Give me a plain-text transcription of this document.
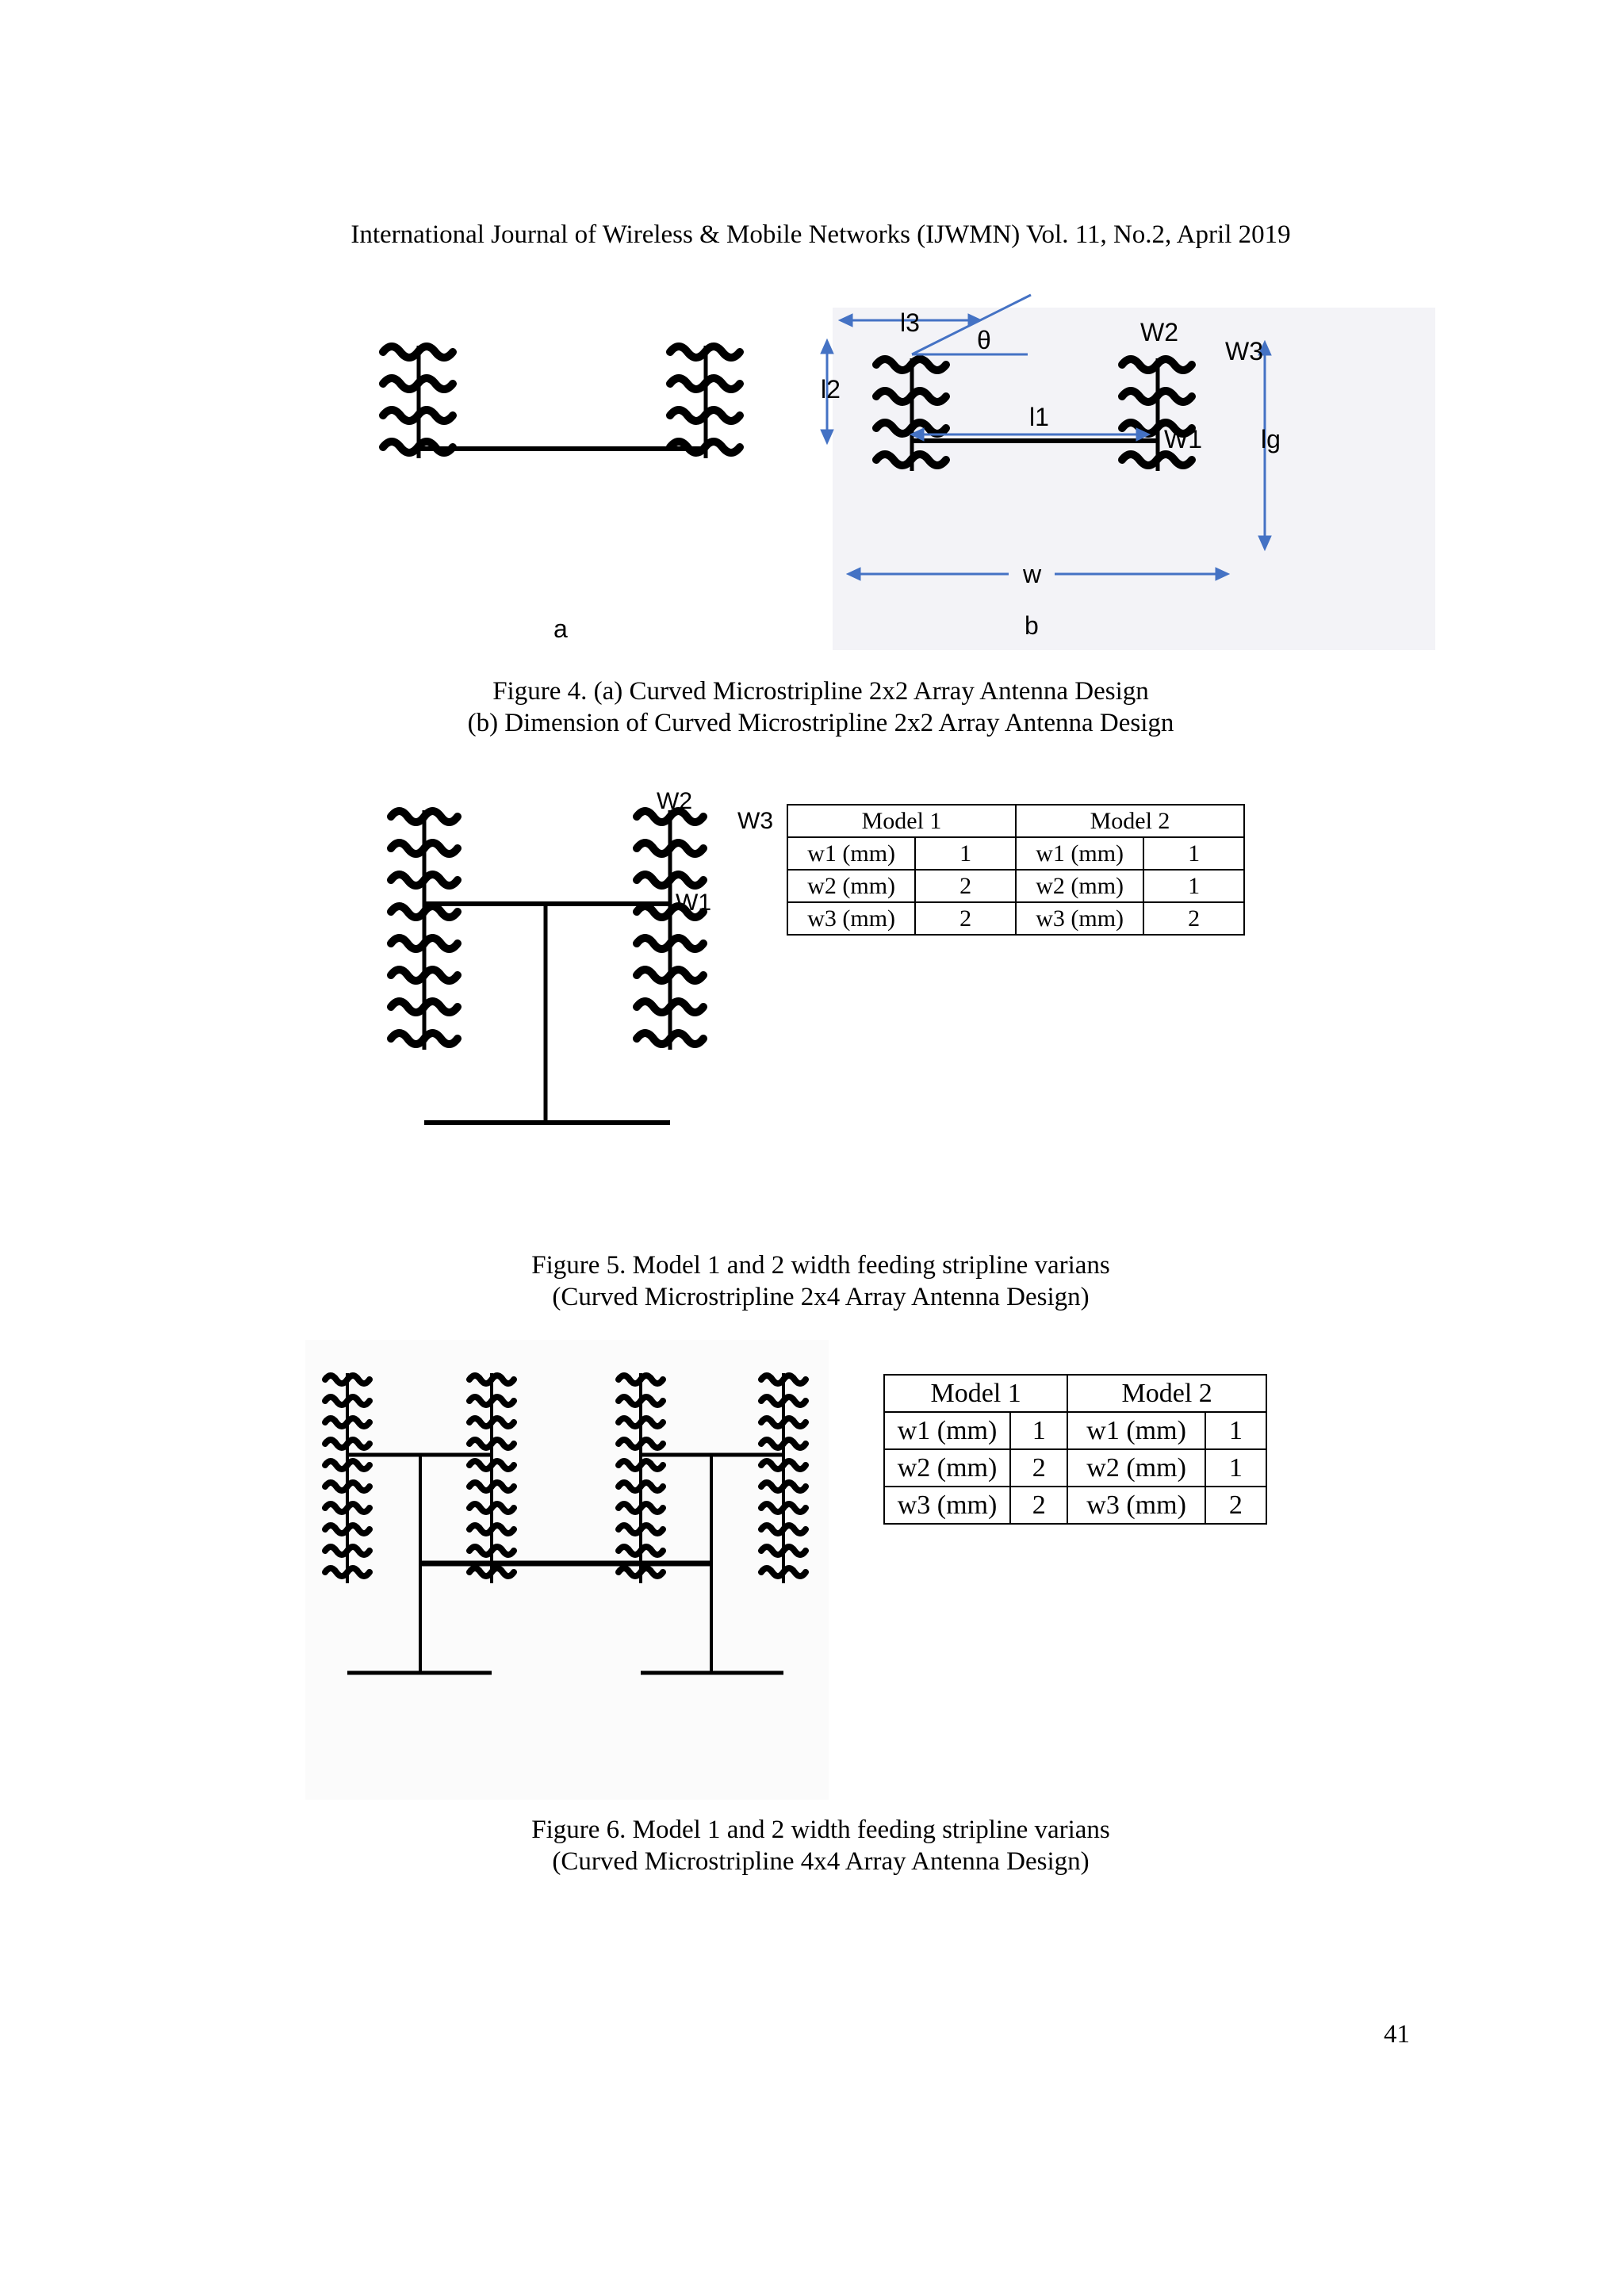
International Journal of Wireless & Mobile Networks (IJWMN) Vol. 11, No.2, April 2019
l3
θ
l2
l1
W2
W3
W1 lg
w
a	b
Figure 4. (a) Curved Microstripline 2x2 Array Antenna Design
(b) Dimension of Curved Microstripline 2x2 Array Antenna Design
W2
W3
W1
Model 1		Model 2	
w1 (mm)	1	w1 (mm)	1
w2 (mm)	2	w2 (mm)	1
w3 (mm)	2	w3 (mm)	2
Figure 5. Model 1 and 2 width feeding stripline varians
(Curved Microstripline 2x4 Array Antenna Design)
Model 1		Model 2	
w1 (mm)	1	w1 (mm)	1
w2 (mm)	2	w2 (mm)	1
w3 (mm)	2	w3 (mm)	2
Figure 6. Model 1 and 2 width feeding stripline varians
(Curved Microstripline 4x4 Array Antenna Design)
41
